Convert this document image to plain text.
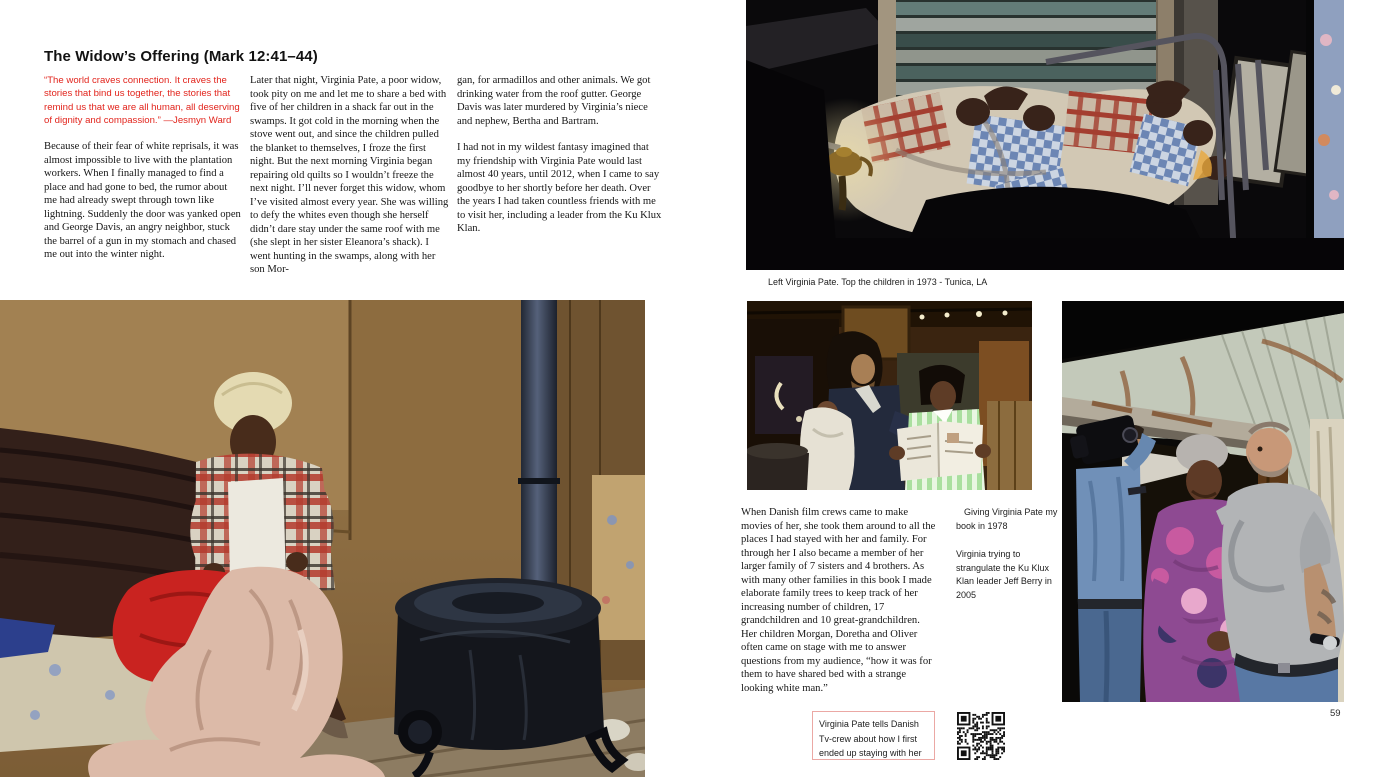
The Widow’s Offering (Mark 12:41–44)
“The world craves connection. It craves the stories that bind us together, the stories that remind us that we are all human, all deserving of dignity and compassion.” —Jesmyn Ward
Because of their fear of white reprisals, it was almost impossible to live with the plantation workers. When I finally managed to find a place and had gone to bed, the rumor about me had already swept through town like lightning. Suddenly the door was yanked open and George Davis, an angry neighbor, stuck the barrel of a gun in my stomach and chased me out into the winter night.
Later that night, Virginia Pate, a poor widow, took pity on me and let me to share a bed with five of her children in a shack far out in the swamps. It got cold in the morning when the stove went out, and since the children pulled the blanket to themselves, I froze the first night. But the next morning Virginia began repairing old quilts so I wouldn’t freeze the next night. I’ll never forget this widow, whom I’ve visited almost every year. She was willing to defy the whites even though she herself didn’t dare stay under the same roof with me (she slept in her sister Eleanora’s shack). I went hunting in the swamps, along with her son Mor-

gan, for armadillos and other animals. We got drinking water from the roof gutter. George Davis was later murdered by Virginia’s niece and nephew, Bertha and Bartram.

I had not in my wildest fantasy imagined that my friendship with Virginia Pate would last almost 40 years, until 2012, when I came to say goodbye to her shortly before her death. Over the years I had taken countless friends with me to visit her, including a leader from the Ku Klux Klan.

Left Virginia Pate. Top the children in 1973 - Tunica, LA
When Danish film crews came to make movies of her, she took them around to all the places I had stayed with her and family. For through her I also became a member of her larger family of 7 sisters and 4 brothers. As with many other families in this book I made elaborate family trees to keep track of her increasing number of children, 17 grandchildren and 10 great-grandchildren. Her children Morgan, Doretha and Oliver often came on stage with me to answer questions from my audience, “how it was for them to have shared bed with a strange looking white man.”
Giving Virginia Pate my book in 1978
Virginia trying to strangulate the Ku Klux Klan leader Jeff Berry in 2005
Virginia Pate tells Danish Tv-crew about how I first ended up staying with her
59
